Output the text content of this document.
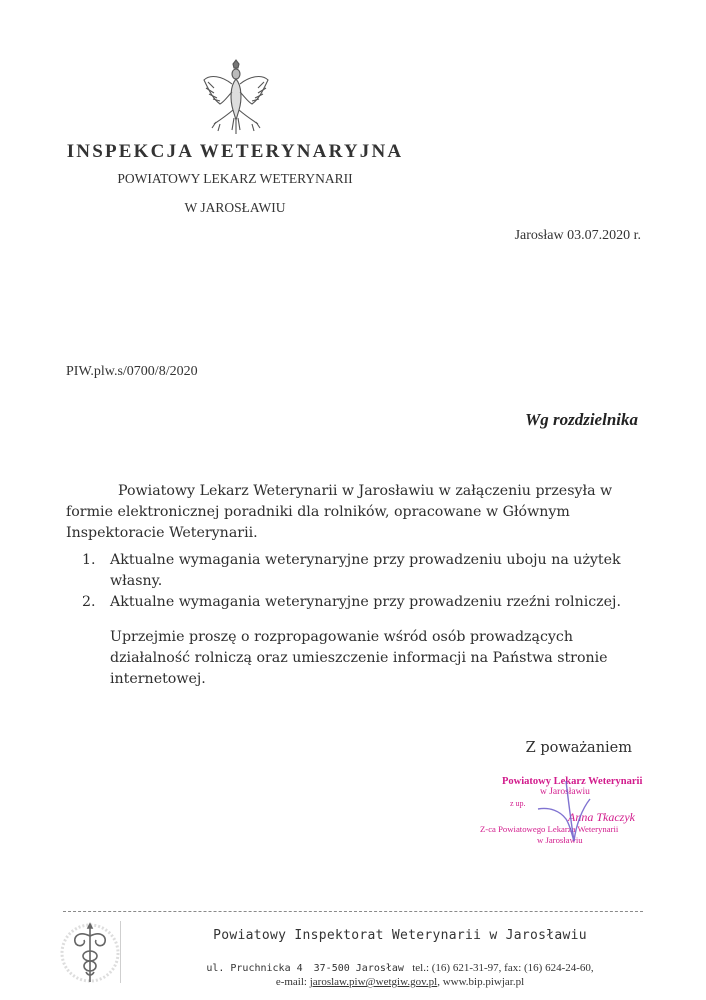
INSPEKCJA WETERYNARYJNA
POWIATOWY LEKARZ WETERYNARII
W JAROSŁAWIU
Jarosław 03.07.2020 r.
PIW.plw.s/0700/8/2020
Wg rozdzielnika
Powiatowy Lekarz Weterynarii w Jarosławiu w załączeniu przesyła w formie elektronicznej poradniki dla rolników, opracowane w Głównym Inspektoracie Weterynarii.
1. Aktualne wymagania weterynaryjne przy prowadzeniu uboju na użytek własny.
2. Aktualne wymagania weterynaryjne przy prowadzeniu rzeźni rolniczej.
Uprzejmie proszę o rozpropagowanie wśród osób prowadzących działalność rolniczą oraz umieszczenie informacji na Państwa stronie internetowej.
Z poważaniem
Powiatowy Lekarz Weterynarii
w Jarosławiu
z up.
Anna Tkaczyk
Z-ca Powiatowego Lekarza Weterynarii
w Jarosławiu
Powiatowy Inspektorat Weterynarii w Jarosławiu
ul. Pruchnicka 4 37-500 Jarosław tel.: (16) 621-31-97, fax: (16) 624-24-60,
e-mail: jaroslaw.piw@wetgiw.gov.pl, www.bip.piwjar.pl
